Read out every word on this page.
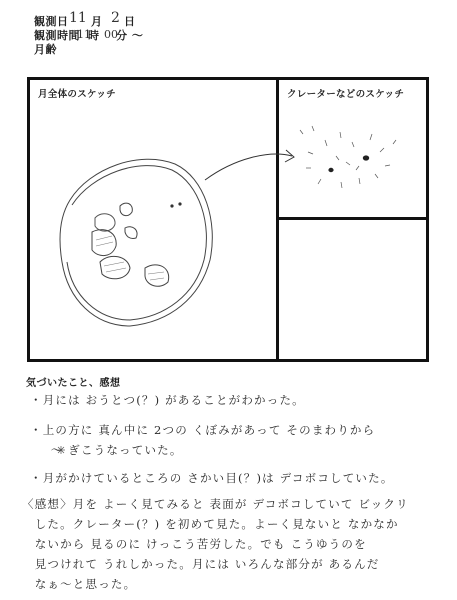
観測日 11 月 2 日
観測時間
11
時 00
分 〜
月齢
月全体のスケッチ	クレーターなどのスケッチ
気づいたこと、感想
・月には おうとつ(？) があることがわかった。
・上の方に 真ん中に 2つの くぼみがあって そのまわりから
　〜 ぎこうなっていた。
・月がかけているところの さかい目(？)は デコボコしていた。
〈感想〉月を よーく見てみると 表面が デコボコしていて ビックリ
　した。クレーター(？) を初めて見た。よーく見ないと なかなか
　ないから 見るのに けっこう苦労した。でも こうゆうのを
　見つけれて うれしかった。月には いろんな部分が あるんだ
　なぁ〜と思った。
